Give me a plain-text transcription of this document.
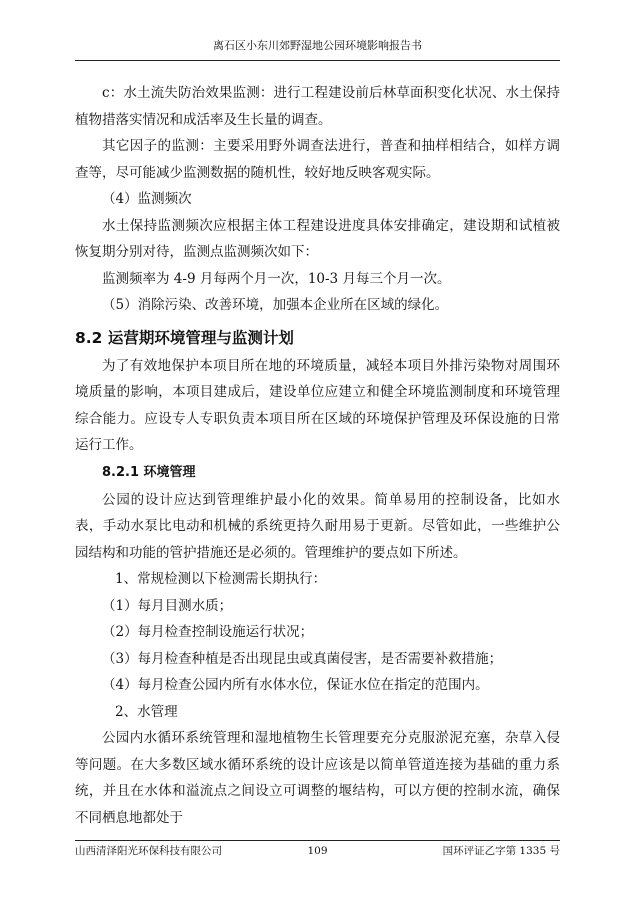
离石区小东川郊野湿地公园环境影响报告书

c：水土流失防治效果监测：进行工程建设前后林草面积变化状况、水土保持植物措落实情况和成活率及生长量的调查。

其它因子的监测：主要采用野外调查法进行，普查和抽样相结合，如样方调查等，尽可能减少监测数据的随机性，较好地反映客观实际。

（4）监测频次

水土保持监测频次应根据主体工程建设进度具体安排确定，建设期和试植被恢复期分别对待，监测点监测频次如下：

监测频率为 4-9 月每两个月一次，10-3 月每三个月一次。

（5）消除污染、改善环境，加强本企业所在区域的绿化。

8.2 运营期环境管理与监测计划

为了有效地保护本项目所在地的环境质量，减轻本项目外排污染物对周围环境质量的影响，本项目建成后，建设单位应建立和健全环境监测制度和环境管理综合能力。应设专人专职负责本项目所在区域的环境保护管理及环保设施的日常运行工作。

8.2.1 环境管理

公园的设计应达到管理维护最小化的效果。简单易用的控制设备，比如水表，手动水泵比电动和机械的系统更持久耐用易于更新。尽管如此，一些维护公园结构和功能的管护措施还是必须的。管理维护的要点如下所述。

1、常规检测以下检测需长期执行：

（1）每月目测水质；

（2）每月检查控制设施运行状况；

（3）每月检查种植是否出现昆虫或真菌侵害，是否需要补救措施；

（4）每月检查公园内所有水体水位，保证水位在指定的范围内。

2、水管理

公园内水循环系统管理和湿地植物生长管理要充分克服淤泥充塞，杂草入侵等问题。在大多数区域水循环系统的设计应该是以简单管道连接为基础的重力系统，并且在水体和溢流点之间设立可调整的堰结构，可以方便的控制水流，确保不同栖息地都处于

山西清泽阳光环保科技有限公司	109	国环评证乙字第 1335 号
